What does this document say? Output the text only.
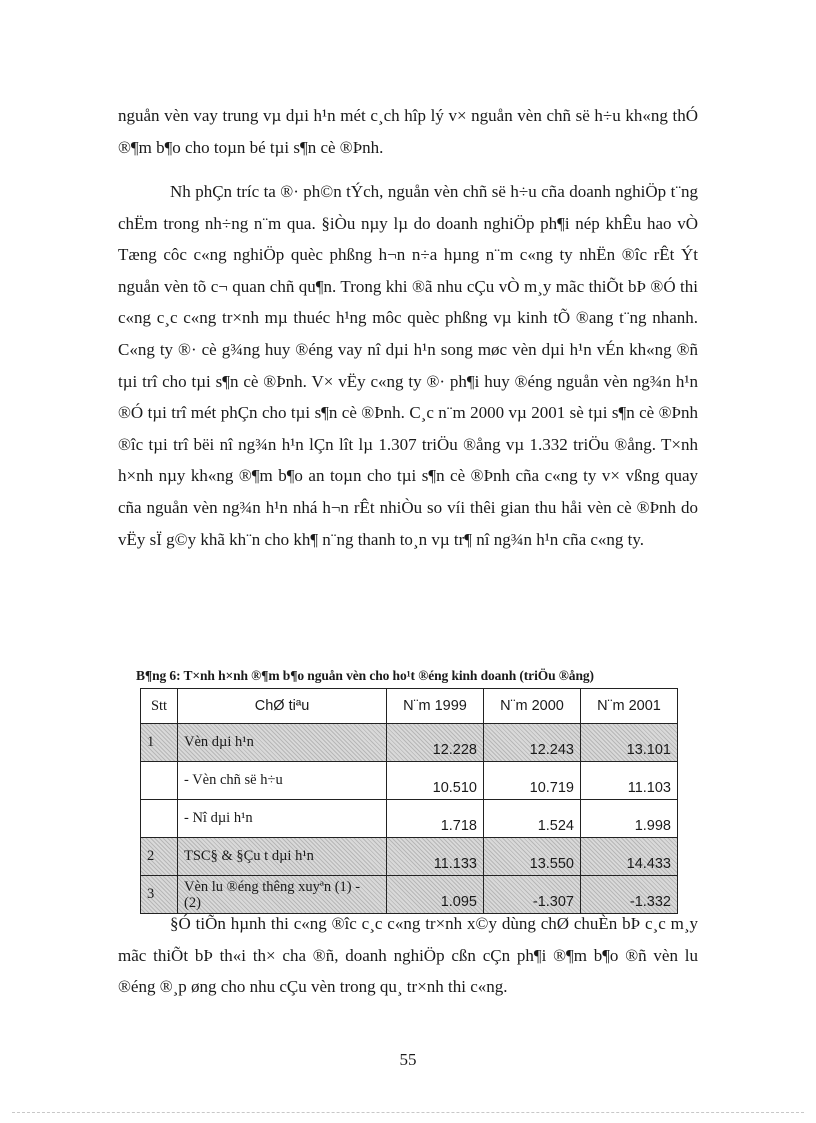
nguån vèn vay trung vµ dµi h¹n mét c¸ch hîp lý v× nguån vèn chñ së h÷u kh«ng thÓ ®¶m b¶o cho toµn bé tµi s¶n cè ®Þnh.

Nh phÇn tríc ta ®· ph©n tÝch, nguån vèn chñ së h÷u cña doanh nghiÖp t¨ng chËm trong nh÷ng n¨m qua. §iÒu nµy lµ do doanh nghiÖp ph¶i nép khÊu hao vÒ Tæng côc c«ng nghiÖp quèc phßng h¬n n÷a hµng n¨m c«ng ty nhËn ®îc rÊt Ýt nguån vèn tõ c¬ quan chñ qu¶n. Trong khi ®ã nhu cÇu vÒ m¸y mãc thiÕt bÞ ®Ó thi c«ng c¸c c«ng tr×nh mµ thuéc h¹ng môc quèc phßng vµ kinh tÕ ®ang t¨ng nhanh. C«ng ty ®· cè g¾ng huy ®éng vay nî dµi h¹n song møc vèn dµi h¹n vÉn kh«ng ®ñ tµi trî cho tµi s¶n cè ®Þnh. V× vËy c«ng ty ®· ph¶i huy ®éng nguån vèn ng¾n h¹n ®Ó tµi trî mét phÇn cho tµi s¶n cè ®Þnh. C¸c n¨m 2000 vµ 2001 sè tµi s¶n cè ®Þnh ®îc tµi trî bëi nî ng¾n h¹n lÇn lît lµ 1.307 triÖu ®ång vµ 1.332 triÖu ®ång. T×nh h×nh nµy kh«ng ®¶m b¶o an toµn cho tµi s¶n cè ®Þnh cña c«ng ty v× vßng quay cña nguån vèn ng¾n h¹n nhá h¬n rÊt nhiÒu so víi thêi gian thu håi vèn cè ®Þnh do vËy sÏ g©y khã kh¨n cho kh¶ n¨ng thanh to¸n vµ tr¶ nî ng¾n h¹n cña c«ng ty.

B¶ng 6: T×nh h×nh ®¶m b¶o nguån vèn cho ho¹t ®éng kinh doanh (triÖu ®ång)
Stt	ChØ tiªu	N¨m 1999	N¨m 2000	N¨m 2001
1	Vèn dµi h¹n	12.228	12.243	13.101
	- Vèn chñ së h÷u	10.510	10.719	11.103
	- Nî dµi h¹n	1.718	1.524	1.998
2	TSC§ & §Çu t dµi h¹n	11.133	13.550	14.433
3	Vèn lu ®éng thêng xuyªn (1) - (2)	1.095	-1.307	-1.332

§Ó tiÕn hµnh thi c«ng ®îc c¸c c«ng tr×nh x©y dùng chØ chuÈn bÞ c¸c m¸y mãc thiÕt bÞ th«i th× cha ®ñ, doanh nghiÖp cßn cÇn ph¶i ®¶m b¶o ®ñ vèn lu ®éng ®¸p øng cho nhu cÇu vèn trong qu¸ tr×nh thi c«ng.

55
